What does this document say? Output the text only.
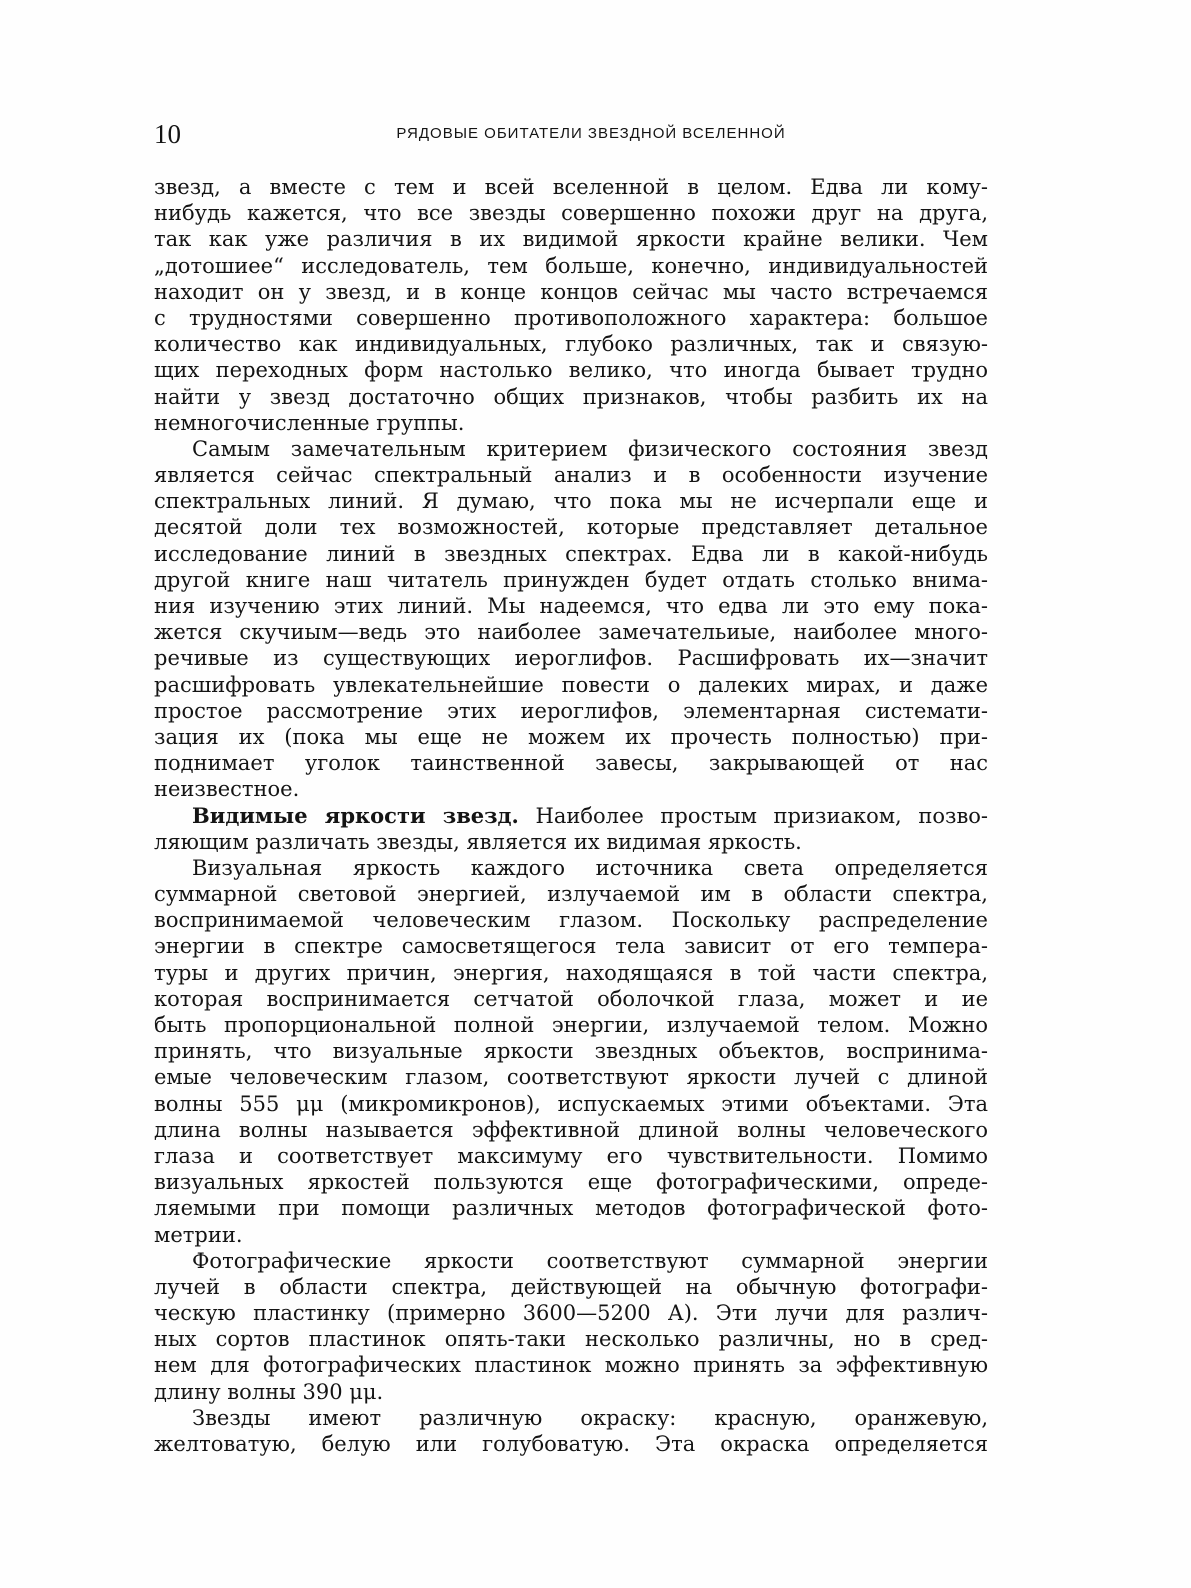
10	РЯДОВЫЕ ОБИТАТЕЛИ ЗВЕЗДНОЙ ВСЕЛЕННОЙ
звезд, а вместе с тем и всей вселенной в целом. Едва ли кому-
нибудь кажется, что все звезды совершенно похожи друг на друга,
так как уже различия в их видимой яркости крайне велики. Чем
„дотошиее“ исследователь, тем больше, конечно, индивидуальностей
находит он у звезд, и в конце концов сейчас мы часто встречаемся
с трудностями совершенно противоположного характера: большое
количество как индивидуальных, глубоко различных, так и связую-
щих переходных форм настолько велико, что иногда бывает трудно
найти у звезд достаточно общих признаков, чтобы разбить их на
немногочисленные группы.
Самым замечательным критерием физического состояния звезд
является сейчас спектральный анализ и в особенности изучение
спектральных линий. Я думаю, что пока мы не исчерпали еще и
десятой доли тех возможностей, которые представляет детальное
исследование линий в звездных спектрах. Едва ли в какой-нибудь
другой книге наш читатель принужден будет отдать столько внима-
ния изучению этих линий. Мы надеемся, что едва ли это ему пока-
жется скучиым—ведь это наиболее замечательиые, наиболее много-
речивые из существующих иероглифов. Расшифровать их—значит
расшифровать увлекательнейшие повести о далеких мирах, и даже
простое рассмотрение этих иероглифов, элементарная системати-
зация их (пока мы еще не можем их прочесть полностью) при-
поднимает уголок таинственной завесы, закрывающей от нас
неизвестное.
Видимые яркости звезд. Наиболее простым призиаком, позво-
ляющим различать звезды, является их видимая яркость.
Визуальная яркость каждого источника света определяется
суммарной световой энергией, излучаемой им в области спектра,
воспринимаемой человеческим глазом. Поскольку распределение
энергии в спектре самосветящегося тела зависит от его темпера-
туры и других причин, энергия, находящаяся в той части спектра,
которая воспринимается сетчатой оболочкой глаза, может и ие
быть пропорциональной полной энергии, излучаемой телом. Можно
принять, что визуальные яркости звездных объектов, воспринима-
емые человеческим глазом, соответствуют яркости лучей с длиной
волны 555 μμ (микромикронов), испускаемых этими объектами. Эта
длина волны называется эффективной длиной волны человеческого
глаза и соответствует максимуму его чувствительности. Помимо
визуальных яркостей пользуются еще фотографическими, опреде-
ляемыми при помощи различных методов фотографической фото-
метрии.
Фотографические яркости соответствуют суммарной энергии
лучей в области спектра, действующей на обычную фотографи-
ческую пластинку (примерно 3600—5200 А). Эти лучи для различ-
ных сортов пластинок опять-таки несколько различны, но в сред-
нем для фотографических пластинок можно принять за эффективную
длину волны 390 μμ.
Звезды имеют различную окраску: красную, оранжевую,
желтоватую, белую или голубоватую. Эта окраска определяется
